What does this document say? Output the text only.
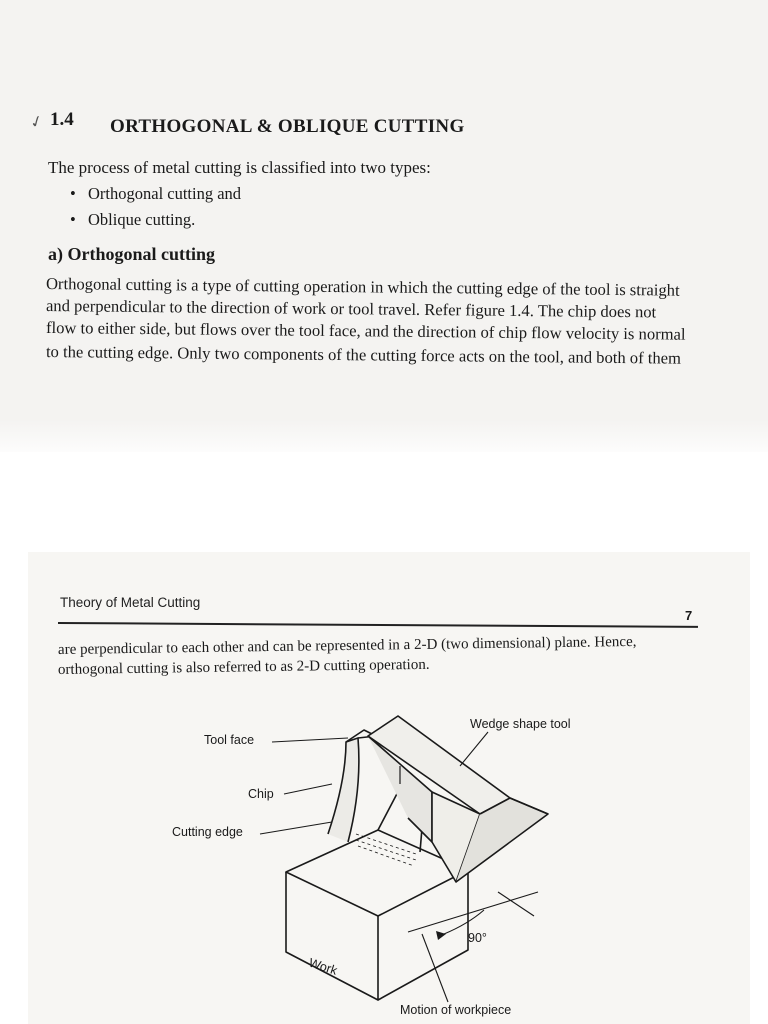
✓ 1.4 ORTHOGONAL & OBLIQUE CUTTING
The process of metal cutting is classified into two types:
• Orthogonal cutting and
• Oblique cutting.
a) Orthogonal cutting
Orthogonal cutting is a type of cutting operation in which the cutting edge of the tool is straight
and perpendicular to the direction of work or tool travel. Refer figure 1.4. The chip does not
flow to either side, but flows over the tool face, and the direction of chip flow velocity is normal
to the cutting edge. Only two components of the cutting force acts on the tool, and both of them
Theory of Metal Cutting
7
are perpendicular to each other and can be represented in a 2-D (two dimensional) plane. Hence,
orthogonal cutting is also referred to as 2-D cutting operation.
Tool face
Chip
Cutting edge
Wedge shape tool
Work
90°
Motion of workpiece
